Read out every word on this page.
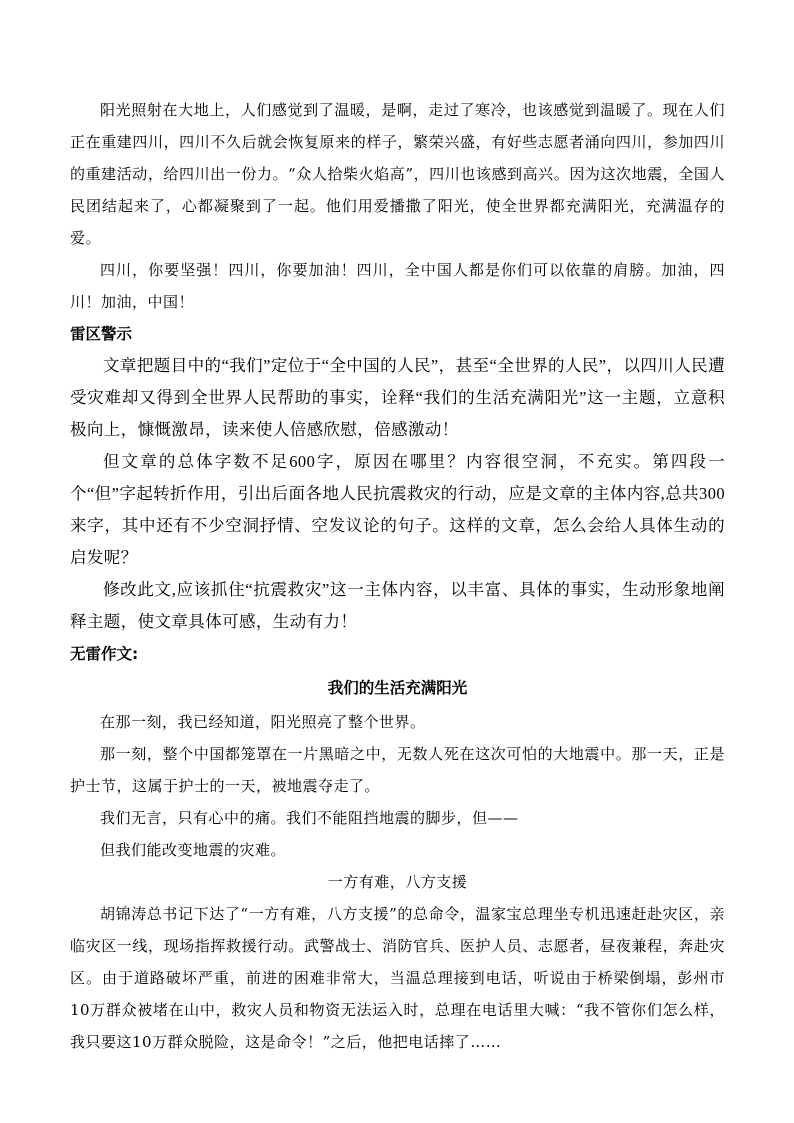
阳光照射在大地上，人们感觉到了温暖，是啊，走过了寒冷，也该感觉到温暖了。现在人们正在重建四川，四川不久后就会恢复原来的样子，繁荣兴盛，有好些志愿者涌向四川，参加四川的重建活动，给四川出一份力。“众人拾柴火焰高”，四川也该感到高兴。因为这次地震，全国人民团结起来了，心都凝聚到了一起。他们用爱播撒了阳光，使全世界都充满阳光，充满温存的爱。

四川，你要坚强！四川，你要加油！四川，全中国人都是你们可以依靠的肩膀。加油，四川！加油，中国！

雷区警示

文章把题目中的“我们”定位于“全中国的人民”，甚至“全世界的人民”，以四川人民遭受灾难却又得到全世界人民帮助的事实，诠释“我们的生活充满阳光”这一主题，立意积极向上，慷慨激昂，读来使人倍感欣慰，倍感激动！

但文章的总体字数不足600字，原因在哪里？内容很空洞，不充实。第四段一个“但”字起转折作用，引出后面各地人民抗震救灾的行动，应是文章的主体内容,总共300来字，其中还有不少空洞抒情、空发议论的句子。这样的文章，怎么会给人具体生动的启发呢？

修改此文,应该抓住“抗震救灾”这一主体内容，以丰富、具体的事实，生动形象地阐释主题，使文章具体可感，生动有力！

无雷作文:
我们的生活充满阳光

在那一刻，我已经知道，阳光照亮了整个世界。

那一刻，整个中国都笼罩在一片黑暗之中，无数人死在这次可怕的大地震中。那一天，正是护士节，这属于护士的一天，被地震夺走了。

我们无言，只有心中的痛。我们不能阻挡地震的脚步，但——

但我们能改变地震的灾难。

一方有难，八方支援

胡锦涛总书记下达了“一方有难，八方支援”的总命令，温家宝总理坐专机迅速赶赴灾区，亲临灾区一线，现场指挥救援行动。武警战士、消防官兵、医护人员、志愿者，昼夜兼程，奔赴灾区。由于道路破坏严重，前进的困难非常大，当温总理接到电话，听说由于桥梁倒塌，彭州市10万群众被堵在山中，救灾人员和物资无法运入时，总理在电话里大喊：“我不管你们怎么样，我只要这10万群众脱险，这是命令！”之后，他把电话摔了……
